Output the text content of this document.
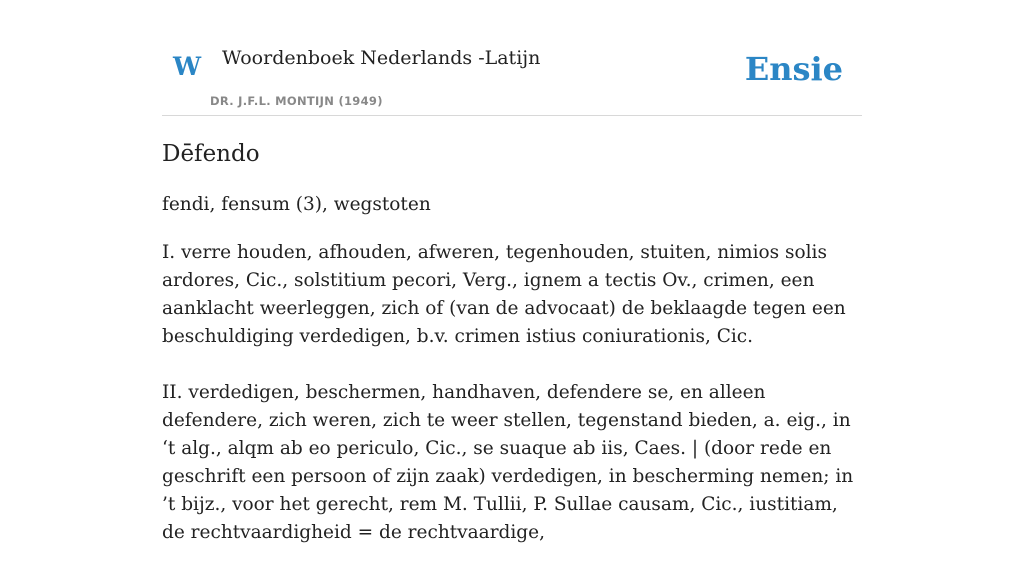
W Woordenboek Nederlands -Latijn
DR. J.F.L. MONTIJN (1949)
Ensie
Dēfendo
fendi, fensum (3), wegstoten

I. verre houden, afhouden, afweren, tegenhouden, stuiten, nimios solis ardores, Cic., solstitium pecori, Verg., ignem a tectis Ov., crimen, een aanklacht weerleggen, zich of (van de advocaat) de beklaagde tegen een beschuldiging verdedigen, b.v. crimen istius coniurationis, Cic.

II. verdedigen, beschermen, handhaven, defendere se, en alleen defendere, zich weren, zich te weer stellen, tegenstand bieden, a. eig., in ‘t alg., alqm ab eo periculo, Cic., se suaque ab iis, Caes. | (door rede en geschrift een persoon of zijn zaak) verdedigen, in bescherming nemen; in ’t bijz., voor het gerecht, rem M. Tullii, P. Sullae causam, Cic., iustitiam, de rechtvaardigheid = de rechtvaardige,
